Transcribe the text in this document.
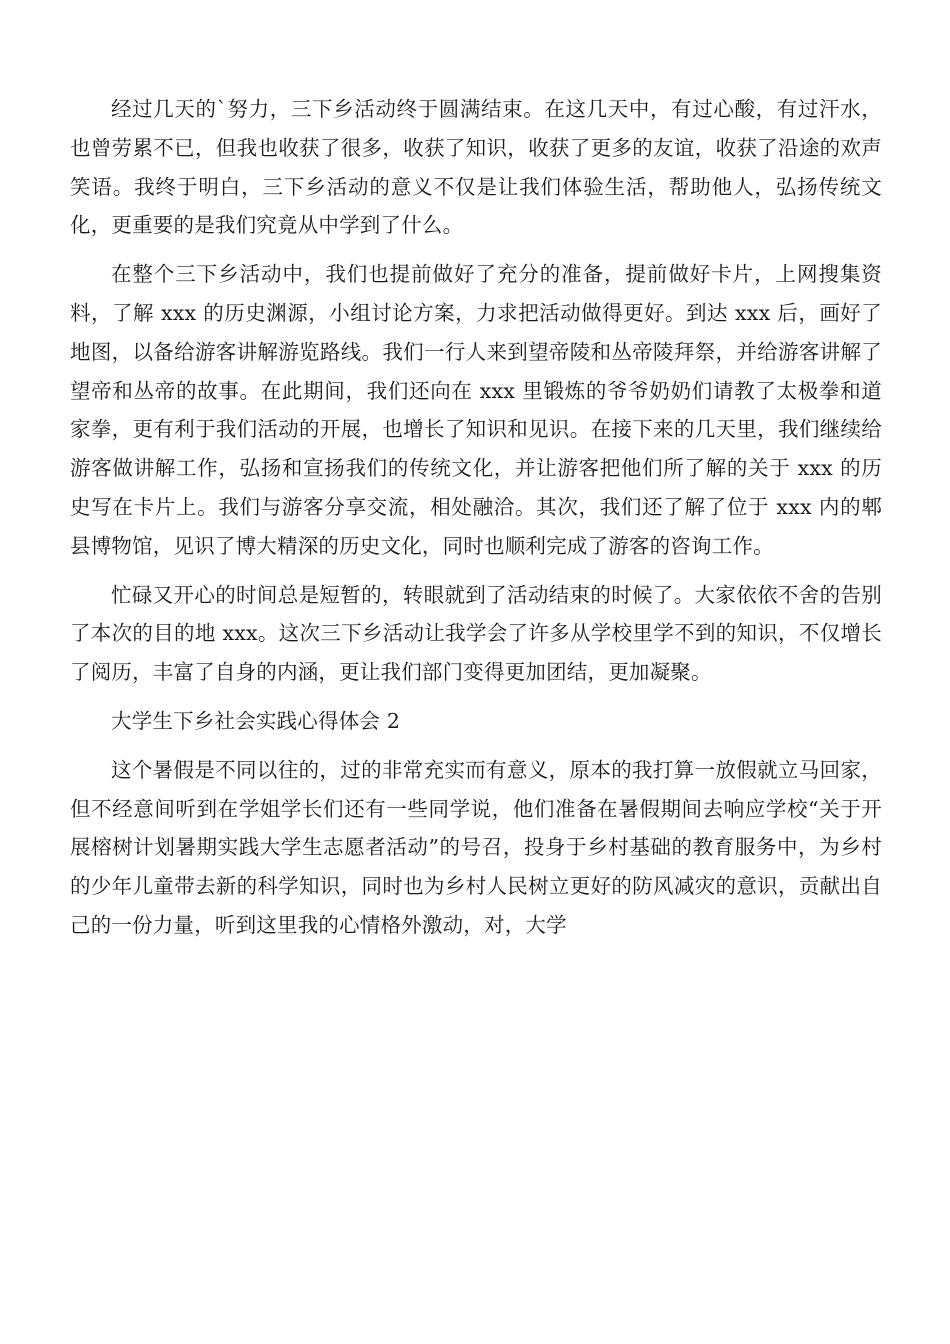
经过几天的`努力，三下乡活动终于圆满结束。在这几天中，有过心酸，有过汗水，也曾劳累不已，但我也收获了很多，收获了知识，收获了更多的友谊，收获了沿途的欢声笑语。我终于明白，三下乡活动的意义不仅是让我们体验生活，帮助他人，弘扬传统文化，更重要的是我们究竟从中学到了什么。

在整个三下乡活动中，我们也提前做好了充分的准备，提前做好卡片，上网搜集资料，了解 xxx 的历史渊源，小组讨论方案，力求把活动做得更好。到达 xxx 后，画好了地图，以备给游客讲解游览路线。我们一行人来到望帝陵和丛帝陵拜祭，并给游客讲解了望帝和丛帝的故事。在此期间，我们还向在 xxx 里锻炼的爷爷奶奶们请教了太极拳和道家拳，更有利于我们活动的开展，也增长了知识和见识。在接下来的几天里，我们继续给游客做讲解工作，弘扬和宣扬我们的传统文化，并让游客把他们所了解的关于 xxx 的历史写在卡片上。我们与游客分享交流，相处融洽。其次，我们还了解了位于 xxx 内的郫县博物馆，见识了博大精深的历史文化，同时也顺利完成了游客的咨询工作。

忙碌又开心的时间总是短暂的，转眼就到了活动结束的时候了。大家依依不舍的告别了本次的目的地 xxx。这次三下乡活动让我学会了许多从学校里学不到的知识，不仅增长了阅历，丰富了自身的内涵，更让我们部门变得更加团结，更加凝聚。

大学生下乡社会实践心得体会 2

这个暑假是不同以往的，过的非常充实而有意义，原本的我打算一放假就立马回家，但不经意间听到在学姐学长们还有一些同学说，他们准备在暑假期间去响应学校“关于开展榕树计划暑期实践大学生志愿者活动”的号召，投身于乡村基础的教育服务中，为乡村的少年儿童带去新的科学知识，同时也为乡村人民树立更好的防风减灾的意识，贡献出自己的一份力量，听到这里我的心情格外激动，对，大学
